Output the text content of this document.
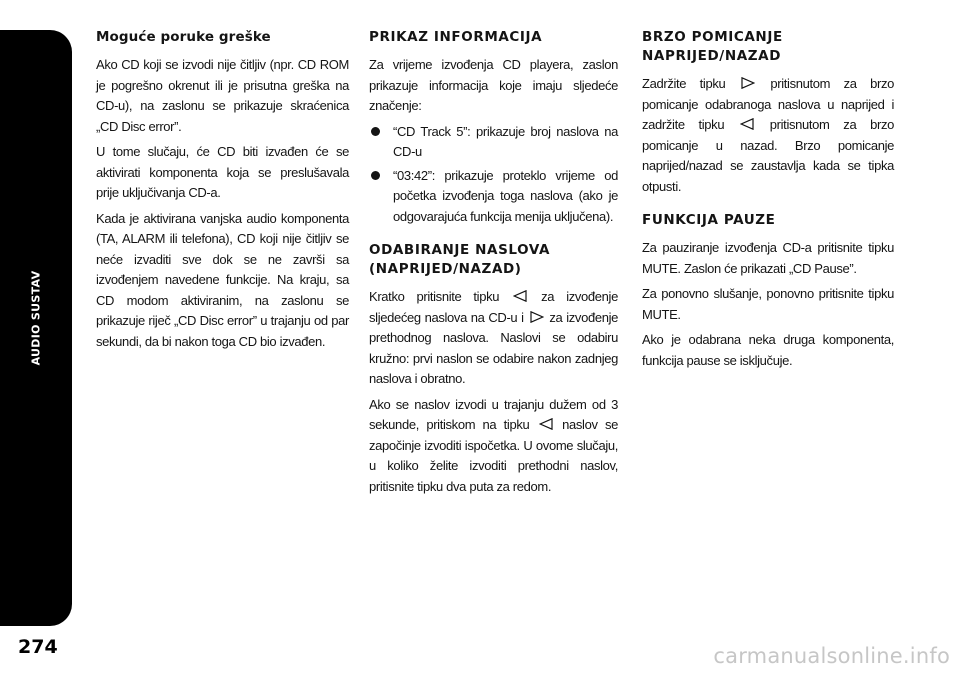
AUDIO SUSTAV
274	carmanualsonline.info
Moguće poruke greške

Ako CD koji se izvodi nije čitljiv (npr. CD ROM je pogrešno okrenut ili je prisutna greška na CD-u), na zaslonu se prikazuje skraćenica „CD Disc error”.

U tome slučaju, će CD biti izvađen će se aktivirati komponenta koja se preslušavala prije uključivanja CD-a.

Kada je aktivirana vanjska audio komponenta (TA, ALARM ili telefona), CD koji nije čitljiv se neće izvaditi sve dok se ne završi sa izvođenjem navedene funkcije. Na kraju, sa CD modom aktiviranim, na zaslonu se prikazuje riječ „CD Disc error” u trajanju od par sekundi, da bi nakon toga CD bio izvađen.

PRIKAZ INFORMACIJA

Za vrijeme izvođenja CD playera, zaslon prikazuje informacija koje imaju sljedeće značenje:

“CD Track 5”: prikazuje broj naslova na CD-u
“03:42”: prikazuje proteklo vrijeme od početka izvođenja toga naslova (ako je odgovarajuća funkcija menija uključena).
ODABIRANJE NASLOVA
(NAPRIJED/NAZAD)

Kratko pritisnite tipku	za izvođenje sljedećeg naslova na CD-u i za izvođenje prethodnog naslova. Naslovi se odabiru kružno: prvi naslon se odabire nakon zadnjeg naslova i obratno.

Ako se naslov izvodi u trajanju dužem od 3 sekunde, pritiskom na tipku	naslov se započinje izvoditi ispočetka. U ovome slučaju, u koliko želite izvoditi prethodni naslov, pritisnite tipku dva puta za redom.

BRZO POMICANJE
NAPRIJED/NAZAD

Zadržite tipku	pritisnutom za brzo pomicanje odabranoga naslova u naprijed i zadržite tipku	pritisnutom za brzo pomicanje u nazad. Brzo pomicanje naprijed/nazad se zaustavlja kada se tipka otpusti.

FUNKCIJA PAUZE

Za pauziranje izvođenja CD-a pritisnite tipku MUTE. Zaslon će prikazati „CD Pause”.

Za ponovno slušanje, ponovno pritisnite tipku MUTE.

Ako je odabrana neka druga komponenta, funkcija pause se isključuje.
